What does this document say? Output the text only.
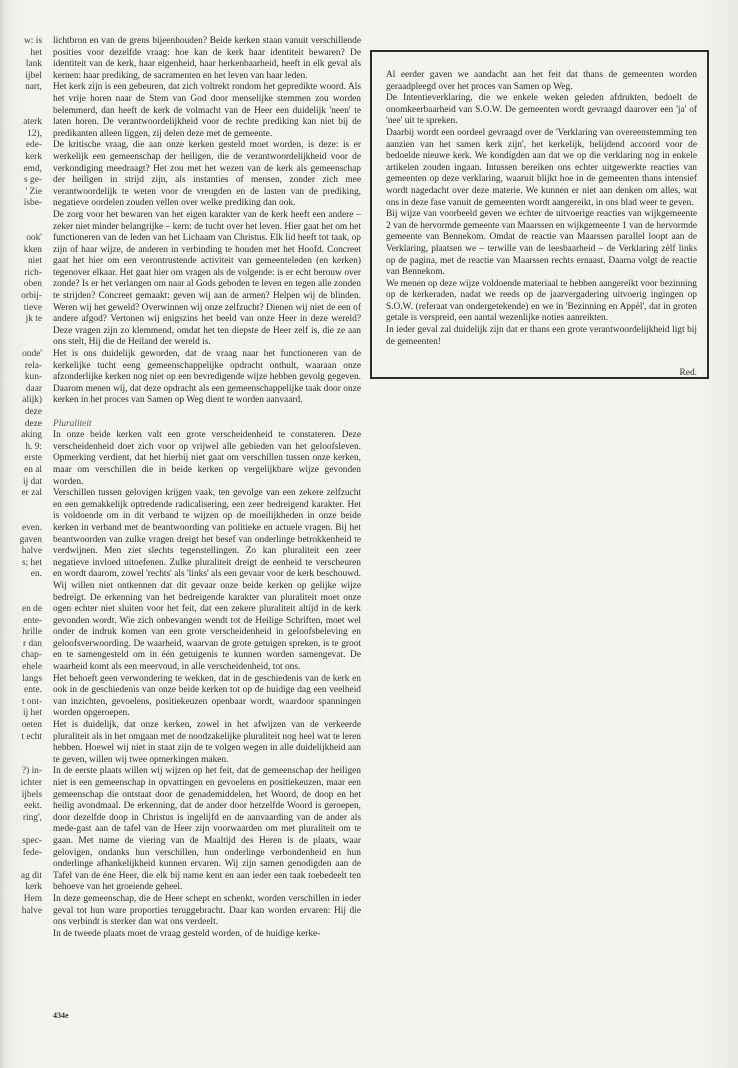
w: is
het
lank
ijbel
nart,
aterk
12),
ede-
kerk
emd,
s ge-
' Zie
ïsbe-
ook'
kken
niet
rich-
oben
orbij-
tieve
jk te
onde'
rela-
kun-
daar
alijk)
deze
deze
aking
h. 9:
erste
en al
ij dat
er zal
even.
gaven
halve
s; het
en.
en de
ente-
hrille
r dan
chap-
ehele
langs
ente.
t ont-
ij het
oeten
t echt
?) in-
ichter
ijbels
eekt.
ring',
spec-
fede-
ag dit
kerk
Hem
halve

lichtbron en van de grens bijeenhouden? Beide kerken staan vanuit verschillende posities voor dezelfde vraag: hoe kan de kerk haar identiteit bewaren? De identiteit van de kerk, haar eigenheid, haar herkenbaarheid, heeft in elk geval als kernen: haar prediking, de sacramenten en het leven van haar leden.

Het kerk zijn is een gebeuren, dat zich voltrekt rondom het gepredikte woord. Als het vrije horen naar de Stem van God door menselijke stemmen zou worden belemmerd, dan heeft de kerk de volmacht van de Heer een duidelijk 'neen' te laten horen. De verantwoordelijkheid voor de rechte prediking kan niet bij de predikanten alleen liggen, zij delen deze met de gemeente.

De kritische vraag, die aan onze kerken gesteld moet worden, is deze: is er werkelijk een gemeenschap der heiligen, die de verantwoordelijkheid voor de verkondiging meedraagt? Het zou met het wezen van de kerk als gemeenschap der heiligen in strijd zijn, als instanties of mensen, zonder zich mee verantwoordelijk te weten voor de vreugden en de lasten van de prediking, negatieve oordelen zouden vellen over welke prediking dan ook.

De zorg voor het bewaren van het eigen karakter van de kerk heeft een andere – zeker niet minder belangrijke – kern: de tucht over het leven. Hier gaat het om het functioneren van de leden van het Lichaam van Christus. Elk lid heeft tot taak, op zijn of haar wijze, de anderen in verbinding te houden met het Hoofd. Concreet gaat het hier om een verontrustende activiteit van gemeenteleden (en kerken) tegenover elkaar. Het gaat hier om vragen als de volgende: is er echt berouw over zonde? Is er het verlangen om naar al Gods geboden te leven en tegen alle zonden te strijden? Concreet gemaakt: geven wij aan de armen? Helpen wij de blinden. Weren wij het geweld? Overwinnen wij onze zelfzucht? Dienen wij niet de een of andere afgod? Vertonen wij enigszins het beeld van onze Heer in deze wereld? Deze vragen zijn zo klemmend, omdat het ten diepste de Heer zelf is, die ze aan ons stelt, Hij die de Heiland der wereld is.

Het is ons duidelijk geworden, dat de vraag naar het functioneren van de kerkelijke tucht eeng gemeenschappelijke opdracht onthult, waaraan onze afzonderlijke kerken nog niet op een bevredigende wijze hebben gevolg gegeven. Daarom menen wij, dat deze opdracht als een gemeenschappelijke taak door onze kerken in het proces van Samen op Weg dient te worden aanvaard.

Pluraliteit

In onze beide kerken valt een grote verscheidenheid te constateren. Deze verscheidenheid doet zich voor op vrijwel alle gebieden van het geloofsleven. Opmerking verdient, dat het hierbij niet gaat om verschillen tussen onze kerken, maar om verschillen die in beide kerken op vergelijkbare wijze gevonden worden.

Verschillen tussen gelovigen krijgen vaak, ten gevolge van een zekere zelfzucht en een gemakkelijk optredende radicalisering, een zeer bedreigend karakter. Het is voldoende om in dit verband te wijzen op de moeilijkheden in onze beide kerken in verband met de beantwoording van politieke en actuele vragen. Bij het beantwoorden van zulke vragen dreigt het besef van onderlinge betrokkenheid te verdwijnen. Men ziet slechts tegenstellingen. Zo kan pluraliteit een zeer negatieve invloed uitoefenen. Zulke pluraliteit dreigt de eenheid te verscheuren en wordt daarom, zowel 'rechts' als 'links' als een gevaar voor de kerk beschouwd. Wij willen niet ontkennen dat dit gevaar onze beide kerken op gelijke wijze bedreigt. De erkenning van het bedreigende karakter van pluraliteit moet onze ogen echter niet sluiten voor het feit, dat een zekere pluraliteit altijd in de kerk gevonden wordt. Wie zich onbevangen wendt tot de Heilige Schriften, moet wel onder de indruk komen van een grote verscheidenheid in geloofsbeleving en geloofsverwoording. De waarheid, waarvan de grote getuigen spreken, is te groot en te samengesteld om in één getuigenis te kunnen worden samengevat. De waarheid komt als een meervoud, in alle verscheidenheid, tot ons.

Het behoeft geen verwondering te wekken, dat in de geschiedenis van de kerk en ook in de geschiedenis van onze beide kerken tot op de huidige dag een veelheid van inzichten, gevoelens, positiekeuzen openbaar wordt, waardoor spanningen worden opgeroepen.

Het is duidelijk, dat onze kerken, zowel in het afwijzen van de verkeerde pluraliteit als in het omgaan met de noodzakelijke pluraliteit nog heel wat te leren hebben. Hoewel wij niet in staat zijn de te volgen wegen in alle duidelijkheid aan te geven, willen wij twee opmerkingen maken.

In de eerste plaats willen wij wijzen op het feit, dat de gemeenschap der heiligen niet is een gemeenschap in opvattingen en gevoelens en positiekeuzen, maar een gemeenschap die ontstaat door de genademiddelen, het Woord, de doop en het heilig avondmaal. De erkenning, dat de ander door hetzelfde Woord is geroepen, door dezelfde doop in Christus is ingelijfd en de aanvaarding van de ander als mede-gast aan de tafel van de Heer zijn voorwaarden om met pluraliteit om te gaan. Met name de viering van de Maaltijd des Heren is de plaats, waar gelovigen, ondanks hun verschillen, hun onderlinge verbondenheid en hun onderlinge afhankelijkheid kunnen ervaren. Wij zijn samen genodigden aan de Tafel van de éne Heer, die elk bij name kent en aan ieder een taak toebedeelt ten behoeve van het groeiende geheel.

In deze gemeenschap, die de Heer schept en schenkt, worden verschillen in ieder geval tot hun ware proporties teruggebracht. Daar kan worden ervaren: Hij die ons verbindt is sterker dan wat ons verdeelt.

In de tweede plaats moet de vraag gesteld worden, of de huidige kerke-

Al eerder gaven we aandacht aan het feit dat thans de gemeenten worden geraadpleegd over het proces van Samen op Weg.

De Intentieverklaring, die we enkele weken geleden afdrukten, bedoelt de onomkeerbaarheid van S.O.W. De gemeenten wordt gevraagd daarover een 'ja' of 'nee' uit te spreken.

Daarbij wordt een oordeel gevraagd over de 'Verklaring van overeenstemming ten aanzien van het samen kerk zijn', het kerkelijk, belijdend accoord voor de bedoelde nieuwe kerk. We kondigden aan dat we op die verklaring nog in enkele artikelen zouden ingaan. Intussen bereiken ons echter uitgewerkte reacties van gemeenten op deze verklaring, waaruit blijkt hoe in de gemeenten thans intensief wordt nagedacht over deze materie. We kunnen er niet aan denken om alles, wat ons in deze fase vanuit de gemeenten wordt aangereikt, in ons blad weer te geven.

Bij wijze van voorbeeld geven we echter de uitvoerige reacties van wijkgemeente 2 van de hervormde gemeente van Maarssen en wijkgemeente 1 van de hervormde gemeente van Bennekom. Omdat de reactie van Maarssen parallel loopt aan de Verklaring, plaatsen we – terwille van de leesbaarheid – de Verklaring zèlf links op de pagina, met de reactie van Maarssen rechts ernaast. Daarna volgt de reactie van Bennekom.

We menen op deze wijze voldoende materiaal te hebben aangereikt voor bezinning op de kerkeraden, nadat we reeds op de jaarvergadering uitvoerig ingingen op S.O.W. (referaat van ondergetekende) en we in 'Bezinning en Appèl', dat in groten getale is verspreid, een aantal wezenlijke noties aanreikten.

In ieder geval zal duidelijk zijn dat er thans een grote verantwoordelijkheid ligt bij de gemeenten!

Red.

434e
